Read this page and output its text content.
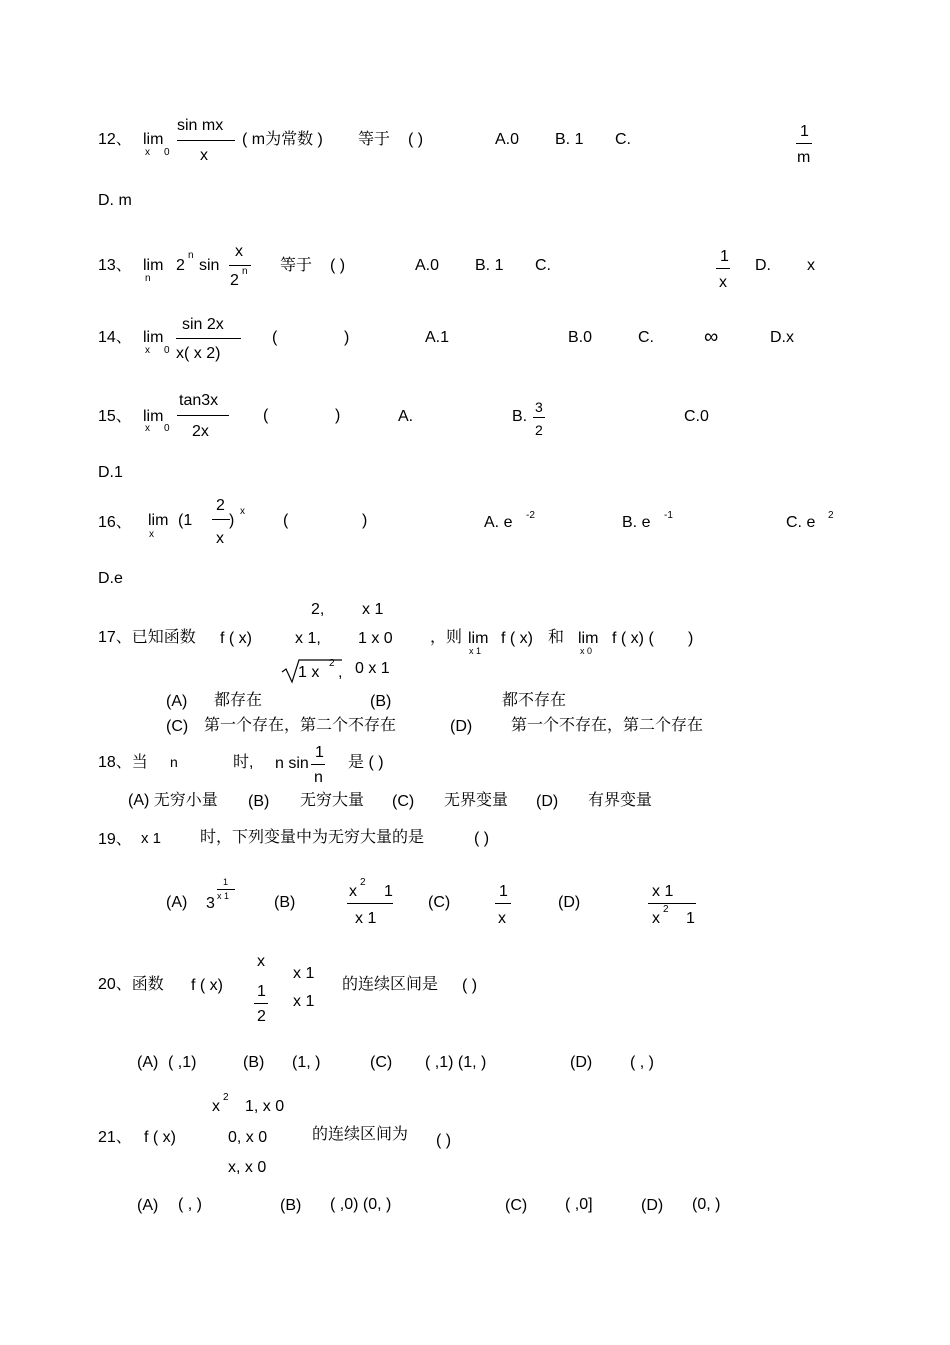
12、 lim
x 0
sin mx
x
( m为常数 ) 等于 ( )	A.0 B. 1 C.	1
m
D. m
13、 lim
n
2
n
sin
x
2
n 等于 ( )	A.0 B. 1 C.
1
x
D. x
14、 lim
x 0
sin 2x
x( x 2)
(	)	A.1	B.0	C.	∞	D.x
15、 lim
x 0
tan3x
2x
(	)	A.	B.
3
2
C.0
D.1
16、 lim
x
(1
2
x
)
x
(	)	A. e -2	B. e -1	C. e 2
D.e
2, x 1
17、已知函数 f ( x)	x 1, 1 x 0 ，则 lim
x 1
f ( x) 和 lim
x 0
f ( x) ( )
1 x
2
, 0 x 1
(A) 都存在	(B)	都不存在
(C) 第一个存在，第二个不存在	(D) 第一个不存在，第二个存在
18、当 n	时, n sin
1
n
是 ( )
(A) 无穷小量 (B) 无穷大量 (C) 无界变量 (D) 有界变量
19、 x 1 时，下列变量中为无穷大量的是	( )
(A) 3
1
x 1	(B)
x
2
1
x 1
(C)
1
x
(D)
x 1
x
2
1
x
x 1
20、函数 f ( x) 1
2
x 1
的连续区间是 ( )
(A) ( ,1)	(B) (1, )	(C) ( ,1) (1, )	(D) ( , )
x
2
1, x 0
21、 f ( x)	0, x 0	的连续区间为 ( )
x, x 0
(A) ( , )	(B) ( ,0) (0, )	(C) ( ,0]	(D) (0, )
